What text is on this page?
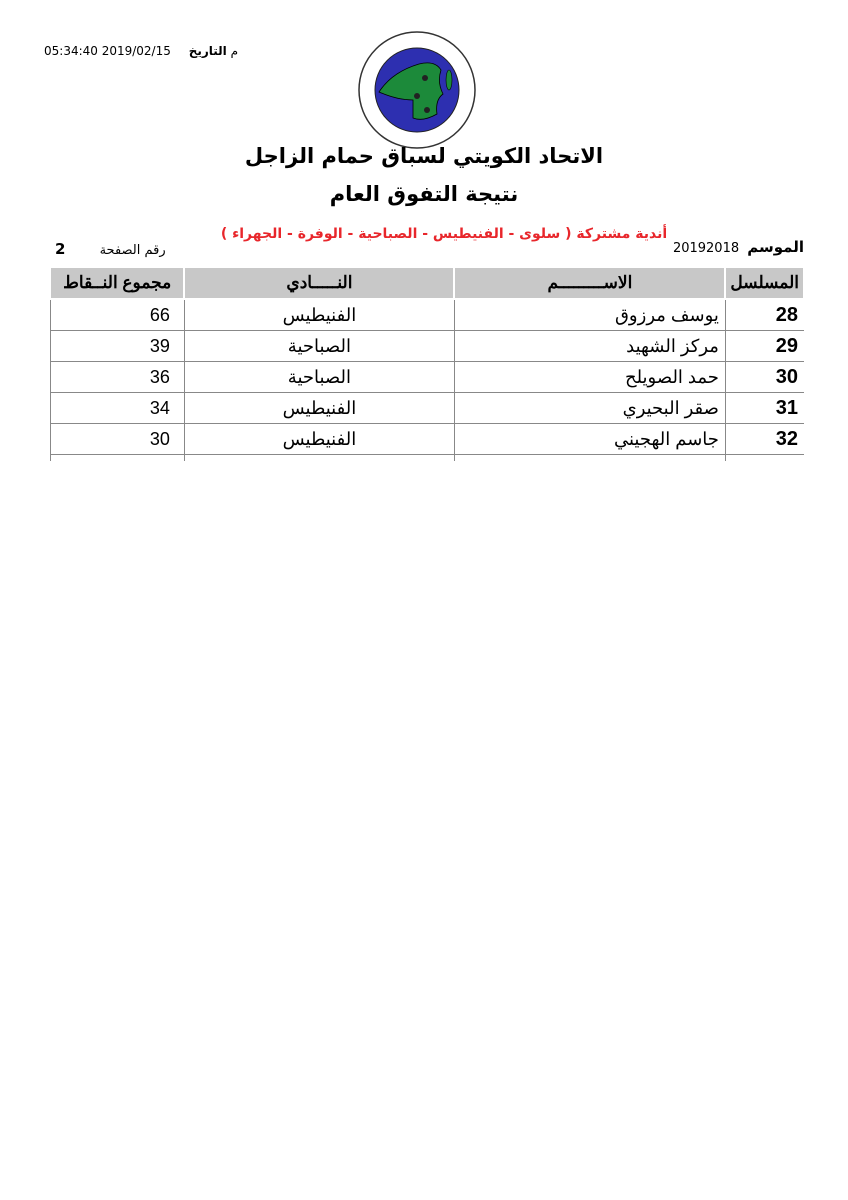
05:34:40 2019/02/15 م التاريخ
الاتحاد الكويتي لسباق حمام الزاجل
نتيجة التفوق العام
أندية مشتركة ( سلوى - الفنيطيس - الصباحية - الوفرة - الجهراء )
الموسم 20192018
2	رقم الصفحة
المسلسل	الاســـــــــم	النـــــادي	مجموع النــقاط
28	يوسف مرزوق	الفنيطيس	66
29	مركز الشهيد	الصباحية	39
30	حمد الصويلح	الصباحية	36
31	صقر البحيري	الفنيطيس	34
32	جاسم الهجيني	الفنيطيس	30
